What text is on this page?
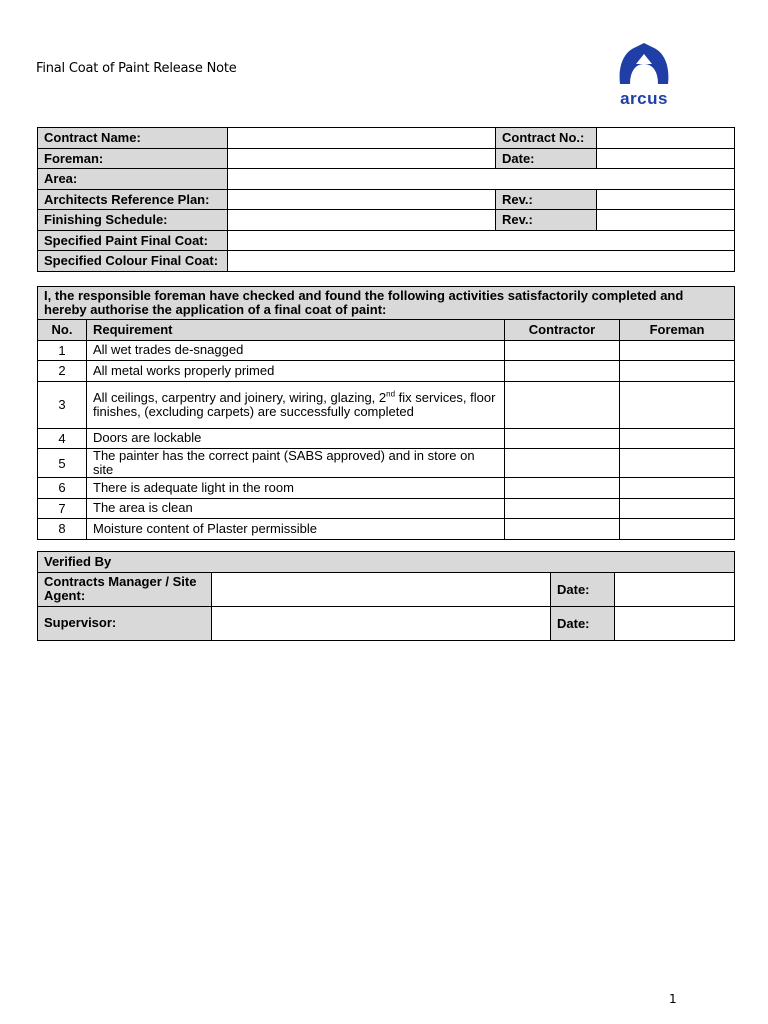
Final Coat of Paint Release Note
arcus
Contract Name:		Contract No.:	
Foreman:		Date:	
Area:			
Architects Reference Plan:		Rev.:	
Finishing Schedule:		Rev.:	
Specified Paint Final Coat:			
Specified Colour Final Coat:			
I, the responsible foreman have checked and found the following activities satisfactorily completed and hereby authorise the application of a final coat of paint:			
No.	Requirement	Contractor	Foreman
1	All wet trades de-snagged		
2	All metal works properly primed		
3	All ceilings, carpentry and joinery, wiring, glazing, 2nd fix services, floor finishes, (excluding carpets) are successfully completed		
4	Doors are lockable		
5	The painter has the correct paint (SABS approved) and in store on site		
6	There is adequate light in the room		
7	The area is clean		
8	Moisture content of Plaster permissible		
Verified By			
Contracts Manager / Site Agent:		Date:	
Supervisor:		Date:	
1
